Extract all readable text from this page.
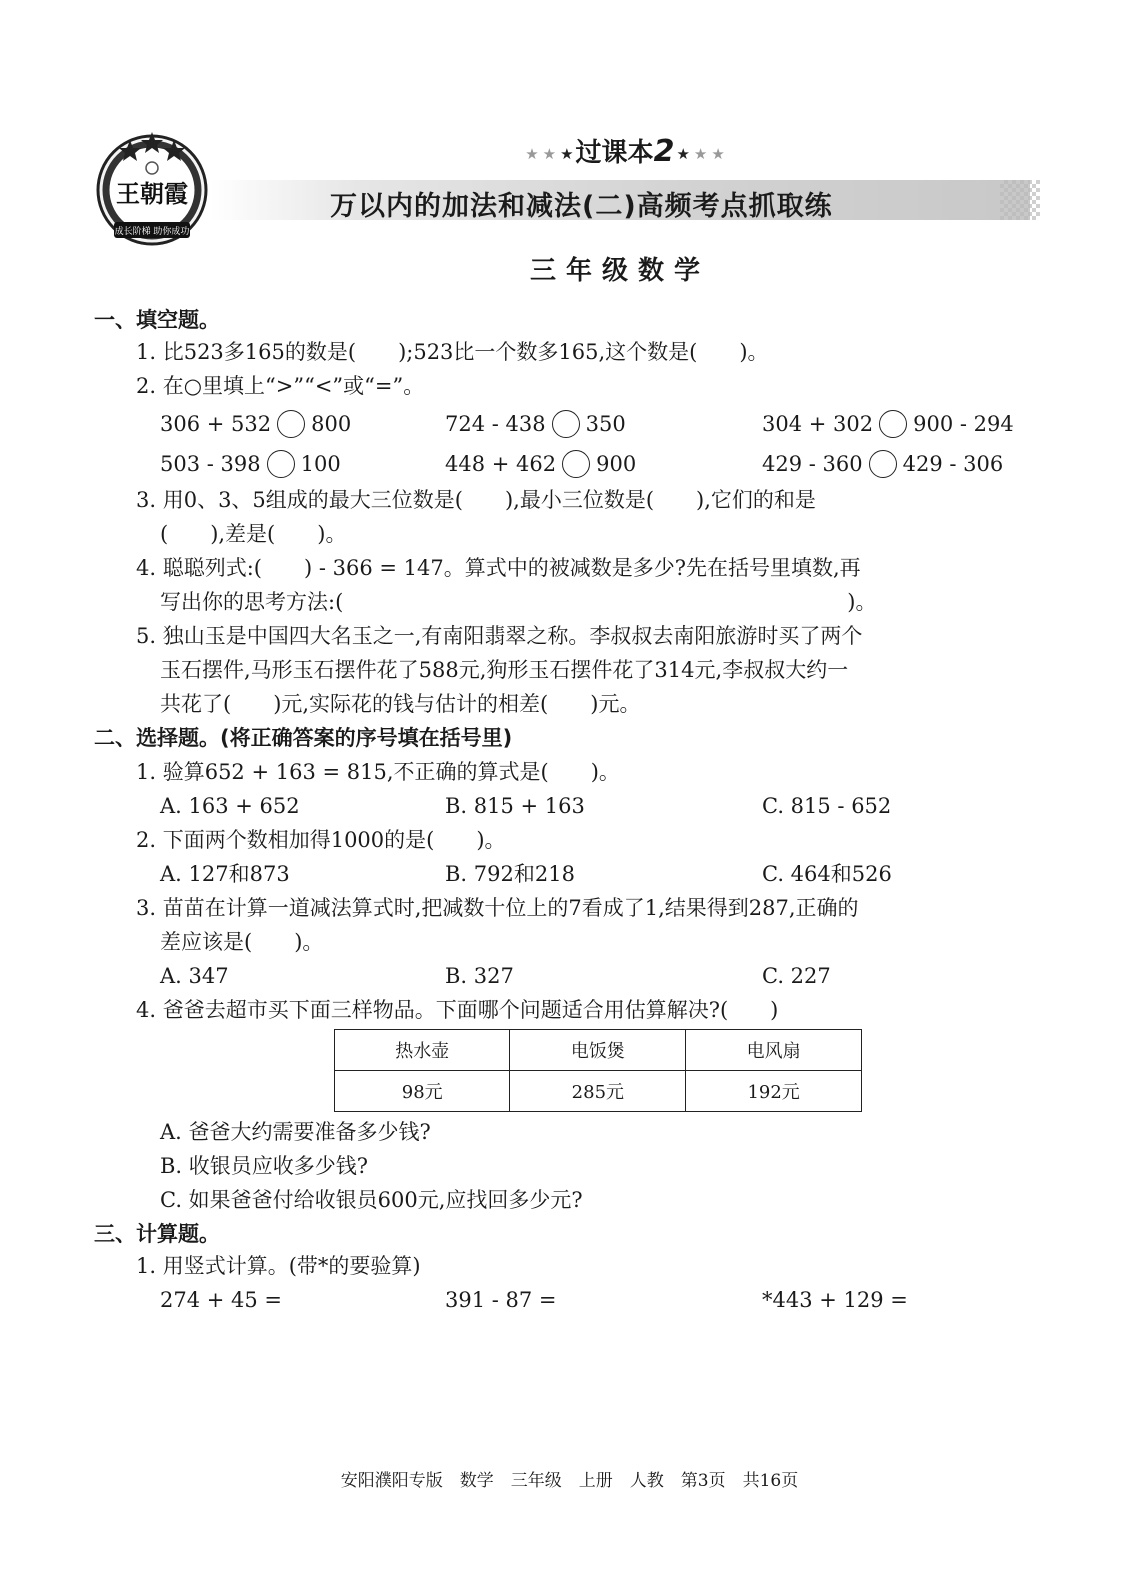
王朝霞
成长阶梯 助你成功
★ ★ ★过课本2 ★ ★ ★
万以内的加法和减法(二)高频考点抓取练
三年级数学
一、填空题。
1. 比523多165的数是(　　);523比一个数多165,这个数是(　　)。
2. 在○里填上“>”“<”或“=”。
306 + 532 800	724 - 438 350	304 + 302 900 - 294
503 - 398 100	448 + 462 900	429 - 360 429 - 306
3. 用0、3、5组成的最大三位数是(　　),最小三位数是(　　),它们的和是
(　　),差是(　　)。
4. 聪聪列式:(　　) - 366 = 147。算式中的被减数是多少?先在括号里填数,再
写出你的思考方法:(　　　　　　　　　　　　　　　　　　　　　　　　)。
5. 独山玉是中国四大名玉之一,有南阳翡翠之称。李叔叔去南阳旅游时买了两个
玉石摆件,马形玉石摆件花了588元,狗形玉石摆件花了314元,李叔叔大约一
共花了(　　)元,实际花的钱与估计的相差(　　)元。
二、选择题。(将正确答案的序号填在括号里)
1. 验算652 + 163 = 815,不正确的算式是(　　)。
A. 163 + 652	B. 815 + 163	C. 815 - 652
2. 下面两个数相加得1000的是(　　)。
A. 127和873	B. 792和218	C. 464和526
3. 苗苗在计算一道减法算式时,把减数十位上的7看成了1,结果得到287,正确的
差应该是(　　)。
A. 347	B. 327	C. 227
4. 爸爸去超市买下面三样物品。下面哪个问题适合用估算解决?(　　)
热水壶	电饭煲	电风扇
98元	285元	192元
A. 爸爸大约需要准备多少钱?
B. 收银员应收多少钱?
C. 如果爸爸付给收银员600元,应找回多少元?
三、计算题。
1. 用竖式计算。(带*的要验算)
274 + 45 =	391 - 87 =	*443 + 129 =
安阳濮阳专版　数学　三年级　上册　人教　第3页　共16页
